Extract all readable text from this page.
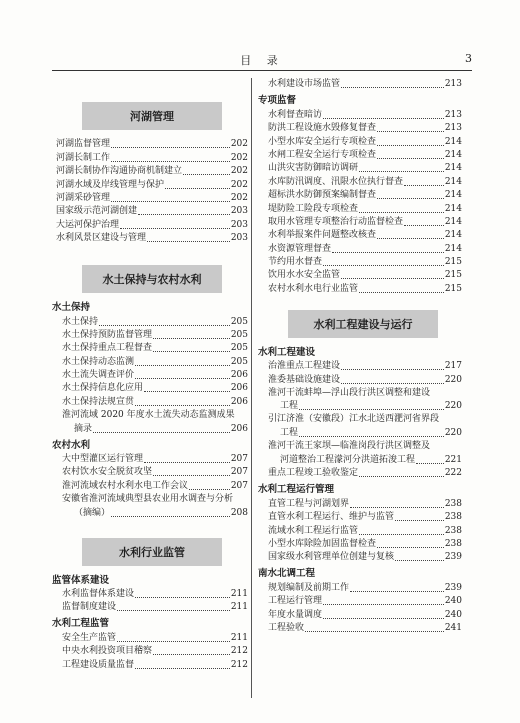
目 录	3
河湖管理
河湖监督管理	202
河湖长制工作	202
河湖长制协作沟通协商机制建立	202
河湖水域及岸线管理与保护	202
河湖采砂管理	202
国家级示范河湖创建	203
大运河保护治理	203
水利风景区建设与管理	203
水土保持与农村水利
水土保持
水土保持	205
水土保持预防监督管理	205
水土保持重点工程督查	205
水土保持动态监测	205
水土流失调查评价	206
水土保持信息化应用	206
水土保持法规宣贯	206
淮河流域 2020 年度水土流失动态监测成果
摘录	206
农村水利
大中型灌区运行管理	207
农村饮水安全脱贫攻坚	207
淮河流域农村水利水电工作会议	207
安徽省淮河流域典型县农业用水调查与分析
（摘编）	208
水利行业监管
监管体系建设
水利监督体系建设	211
监督制度建设	211
水利工程监管
安全生产监管	211
中央水利投资项目稽察	212
工程建设质量监督	212
水利建设市场监管	213
专项监督
水利督查暗访	213
防洪工程设施水毁修复督查	213
小型水库安全运行专项检查	214
水闸工程安全运行专项检查	214
山洪灾害防御暗访调研	214
水库防汛调度、汛限水位执行督查	214
超标洪水防御预案编制督查	214
堤防险工险段专项检查	214
取用水管理专项整治行动监督检查	214
水利举报案件问题整改核查	214
水资源管理督查	214
节约用水督查	215
饮用水水安全监管	215
农村水利水电行业监管	215
水利工程建设与运行
水利工程建设
治淮重点工程建设	217
淮委基础设施建设	220
淮河干流蚌埠—浮山段行洪区调整和建设
工程	220
引江济淮（安徽段）江水北送西淝河省界段
工程	220
淮河干流王家坝—临淮岗段行洪区调整及
河道整治工程濛河分洪道拓浚工程	221
重点工程竣工验收鉴定	222
水利工程运行管理
直管工程与河湖划界	238
直管水利工程运行、维护与监管	238
流域水利工程运行监管	238
小型水库除险加固监督检查	238
国家级水利管理单位创建与复核	239
南水北调工程
规划编制及前期工作	239
工程运行管理	240
年度水量调度	240
工程验收	241
